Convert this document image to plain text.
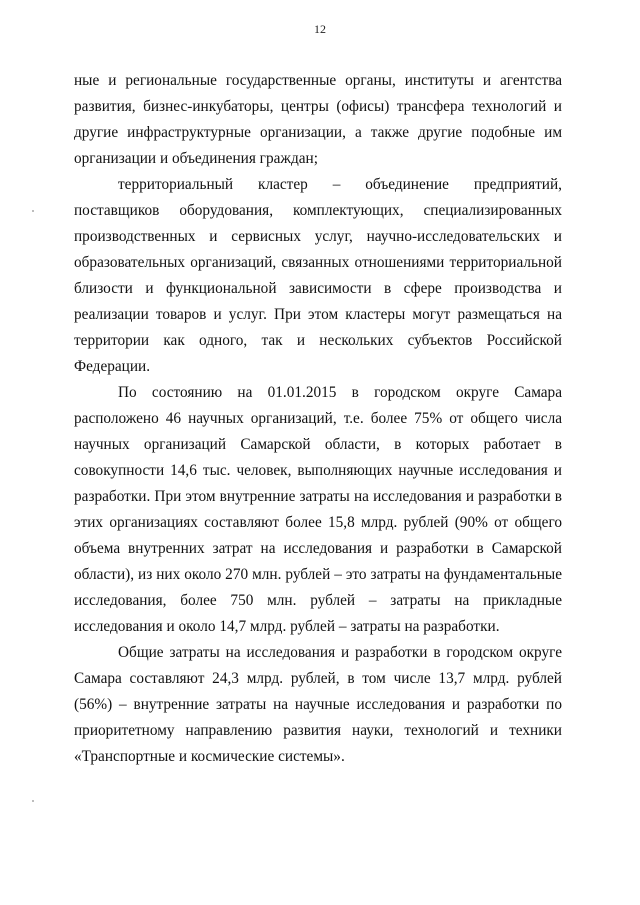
12

ные и региональные государственные органы, институты и агентства развития, бизнес-инкубаторы, центры (офисы) трансфера технологий и другие инфраструктурные организации, а также другие подобные им организации и объединения граждан;

территориальный кластер – объединение предприятий, поставщиков оборудования, комплектующих, специализированных производственных и сервисных услуг, научно-исследовательских и образовательных организаций, связанных отношениями территориальной близости и функциональной зависимости в сфере производства и реализации товаров и услуг. При этом кластеры могут размещаться на территории как одного, так и нескольких субъектов Российской Федерации.

По состоянию на 01.01.2015 в городском округе Самара расположено 46 научных организаций, т.е. более 75% от общего числа научных организаций Самарской области, в которых работает в совокупности 14,6 тыс. человек, выполняющих научные исследования и разработки. При этом внутренние затраты на исследования и разработки в этих организациях составляют более 15,8 млрд. рублей (90% от общего объема внутренних затрат на исследования и разработки в Самарской области), из них около 270 млн. рублей – это затраты на фундаментальные исследования, более 750 млн. рублей – затраты на прикладные исследования и около 14,7 млрд. рублей – затраты на разработки.

Общие затраты на исследования и разработки в городском округе Самара составляют 24,3 млрд. рублей, в том числе 13,7 млрд. рублей (56%) – внутренние затраты на научные исследования и разработки по приоритетному направлению развития науки, технологий и техники «Транспортные и космические системы».
